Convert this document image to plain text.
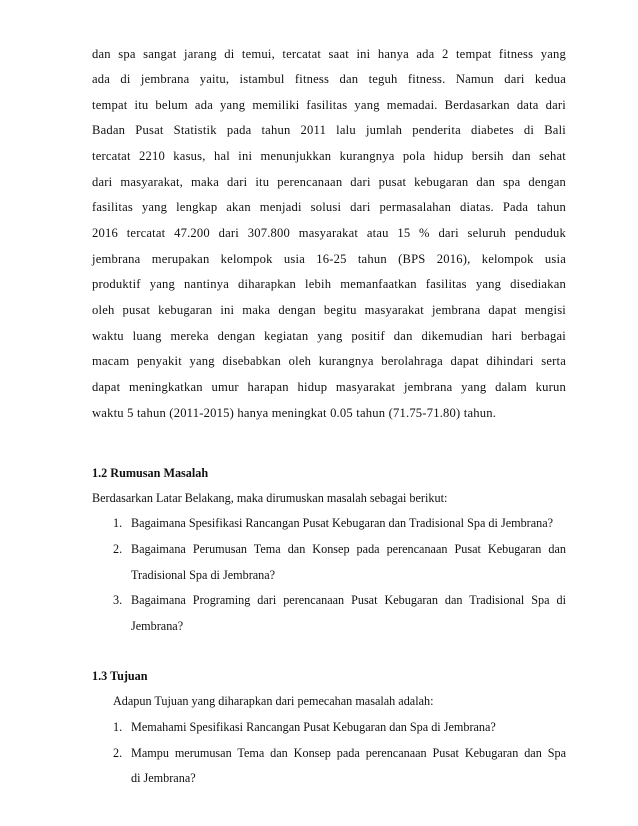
dan spa sangat jarang di temui, tercatat saat ini hanya ada 2 tempat fitness yang
ada di jembrana yaitu, istambul fitness dan teguh fitness. Namun dari kedua
tempat itu belum ada yang memiliki fasilitas yang memadai. Berdasarkan data dari
Badan Pusat Statistik pada tahun 2011 lalu jumlah penderita diabetes di Bali
tercatat 2210 kasus, hal ini menunjukkan kurangnya pola hidup bersih dan sehat
dari masyarakat, maka dari itu perencanaan dari pusat kebugaran dan spa dengan
fasilitas yang lengkap akan menjadi solusi dari permasalahan diatas. Pada tahun
2016 tercatat 47.200 dari 307.800 masyarakat atau 15 % dari seluruh penduduk
jembrana merupakan kelompok usia 16-25 tahun (BPS 2016), kelompok usia
produktif yang nantinya diharapkan lebih memanfaatkan fasilitas yang disediakan
oleh pusat kebugaran ini maka dengan begitu masyarakat jembrana dapat mengisi
waktu luang mereka dengan kegiatan yang positif dan dikemudian hari berbagai
macam penyakit yang disebabkan oleh kurangnya berolahraga dapat dihindari serta
dapat meningkatkan umur harapan hidup masyarakat jembrana yang dalam kurun
waktu 5 tahun (2011-2015) hanya meningkat 0.05 tahun (71.75-71.80) tahun.
1.2 Rumusan Masalah
Berdasarkan Latar Belakang, maka dirumuskan masalah sebagai berikut:
1. Bagaimana Spesifikasi Rancangan Pusat Kebugaran dan Tradisional Spa di Jembrana?
2. Bagaimana Perumusan Tema dan Konsep pada perencanaan Pusat Kebugaran dan
Tradisional Spa di Jembrana?
3. Bagaimana Programing dari perencanaan Pusat Kebugaran dan Tradisional Spa di
Jembrana?
1.3 Tujuan
Adapun Tujuan yang diharapkan dari pemecahan masalah adalah:
1. Memahami Spesifikasi Rancangan Pusat Kebugaran dan Spa di Jembrana?
2. Mampu merumusan Tema dan Konsep pada perencanaan Pusat Kebugaran dan Spa
di Jembrana?
